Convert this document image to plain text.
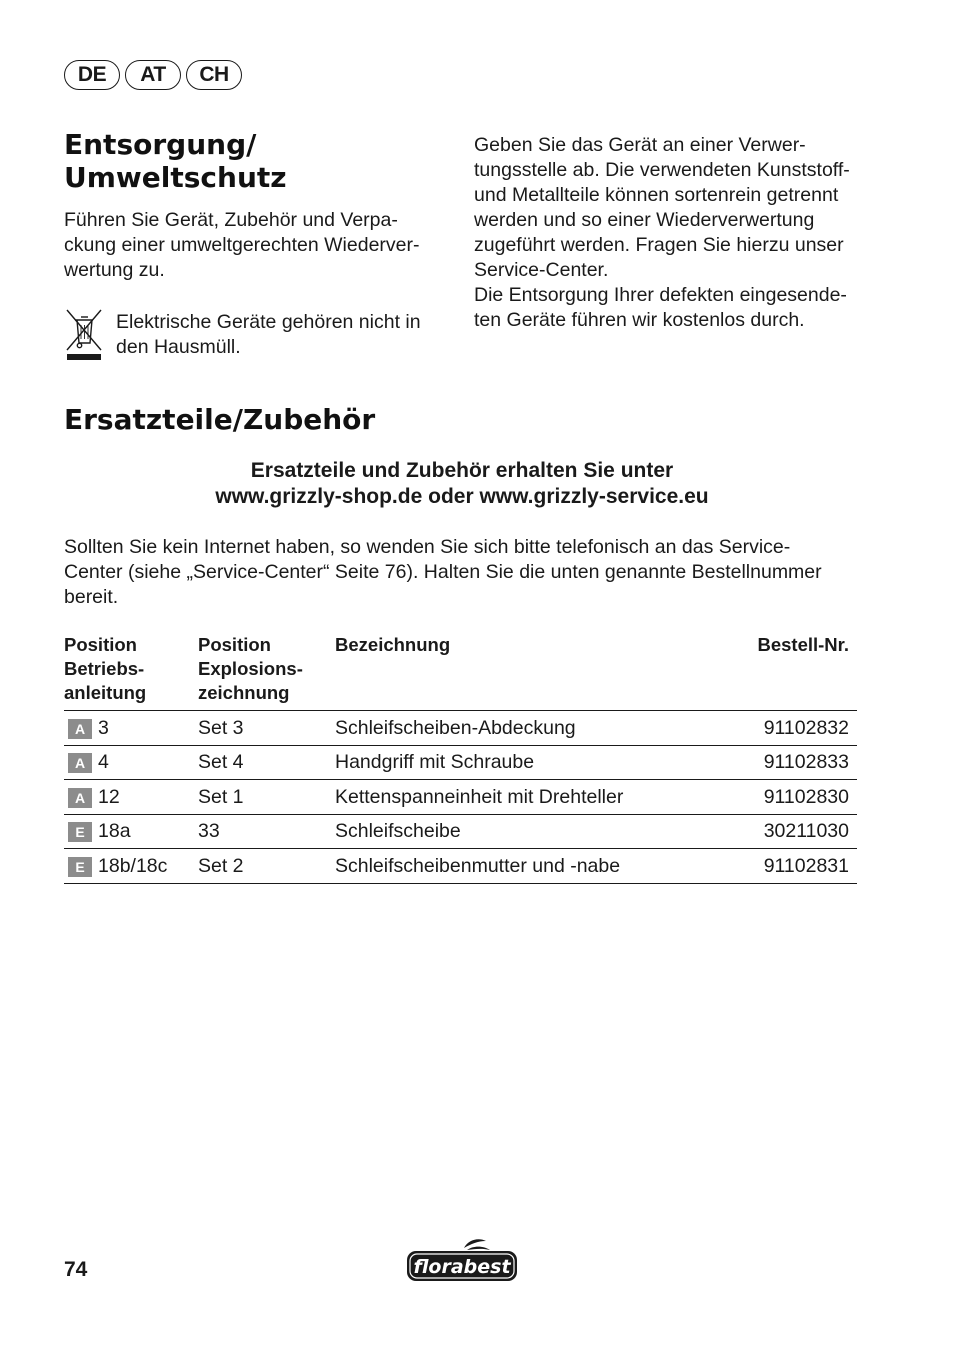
DE	AT	CH
Entsorgung/
Umweltschutz

Führen Sie Gerät, Zubehör und Verpa-
ckung einer umweltgerechten Wiederver-
wertung zu.

Elektrische Geräte gehören nicht in
den Hausmüll.

Geben Sie das Gerät an einer Verwer-
tungsstelle ab. Die verwendeten Kunststoff-
und Metallteile können sortenrein getrennt
werden und so einer Wiederverwertung
zugeführt werden. Fragen Sie hierzu unser
Service-Center.
Die Entsorgung Ihrer defekten eingesende-
ten Geräte führen wir kostenlos durch.

Ersatzteile/Zubehör
Ersatzteile und Zubehör erhalten Sie unter
www.grizzly-shop.de oder www.grizzly-service.eu

Sollten Sie kein Internet haben, so wenden Sie sich bitte telefonisch an das Service-
Center (siehe „Service-Center“ Seite 76). Halten Sie die unten genannte Bestellnummer
bereit.

Position
Betriebs-
anleitung	Position
Explosions-
zeichnung	Bezeichnung	Bestell-Nr.
A 3	Set 3	Schleifscheiben-Abdeckung	91102832
A 4	Set 4	Handgriff mit Schraube	91102833
A 12	Set 1	Kettenspanneinheit mit Drehteller	91102830
E 18a	33	Schleifscheibe	30211030
E 18b/18c	Set 2	Schleifscheibenmutter und -nabe	91102831
74	florabest
